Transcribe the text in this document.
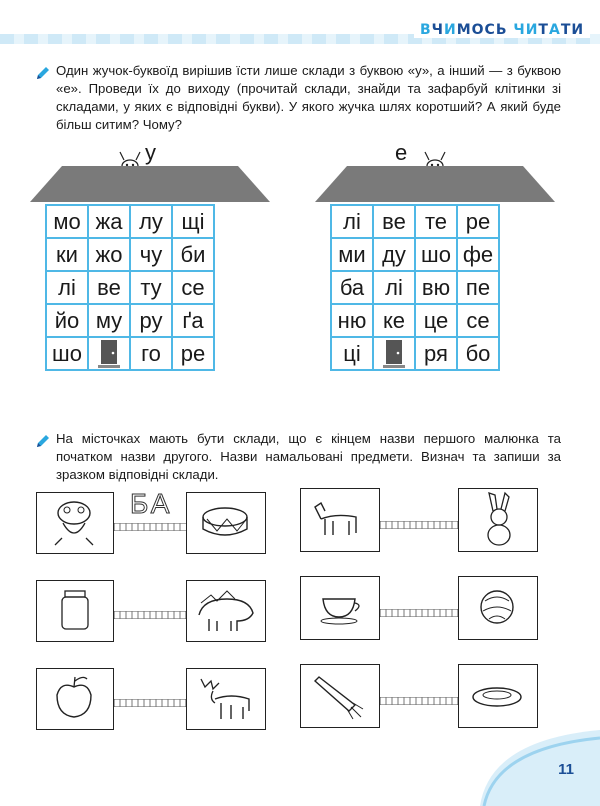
ВЧИМОСЬ ЧИТАТИ
Один жучок-буквоїд вирішив їсти лише склади з буквою «у», а інший — з буквою «е». Проведи їх до виходу (прочитай склади, знайди та зафарбуй клітинки зі складами, у яких є відповідні букви). У якого жучка шлях коротший? А який буде більш ситим? Чому?
у
мо жа лу щі
ки жо чу би
лі ве ту се
йо му ру ґа
шо	го ре
е
лі ве те ре
ми ду шо фе
ба лі вю пе
ню ке це се
ці	ря бо
На місточках мають бути склади, що є кінцем назви першого малюнка та початком назви другого. Назви намальовані предмети. Визнач та запиши за зразком відповідні склади.
БА
11
